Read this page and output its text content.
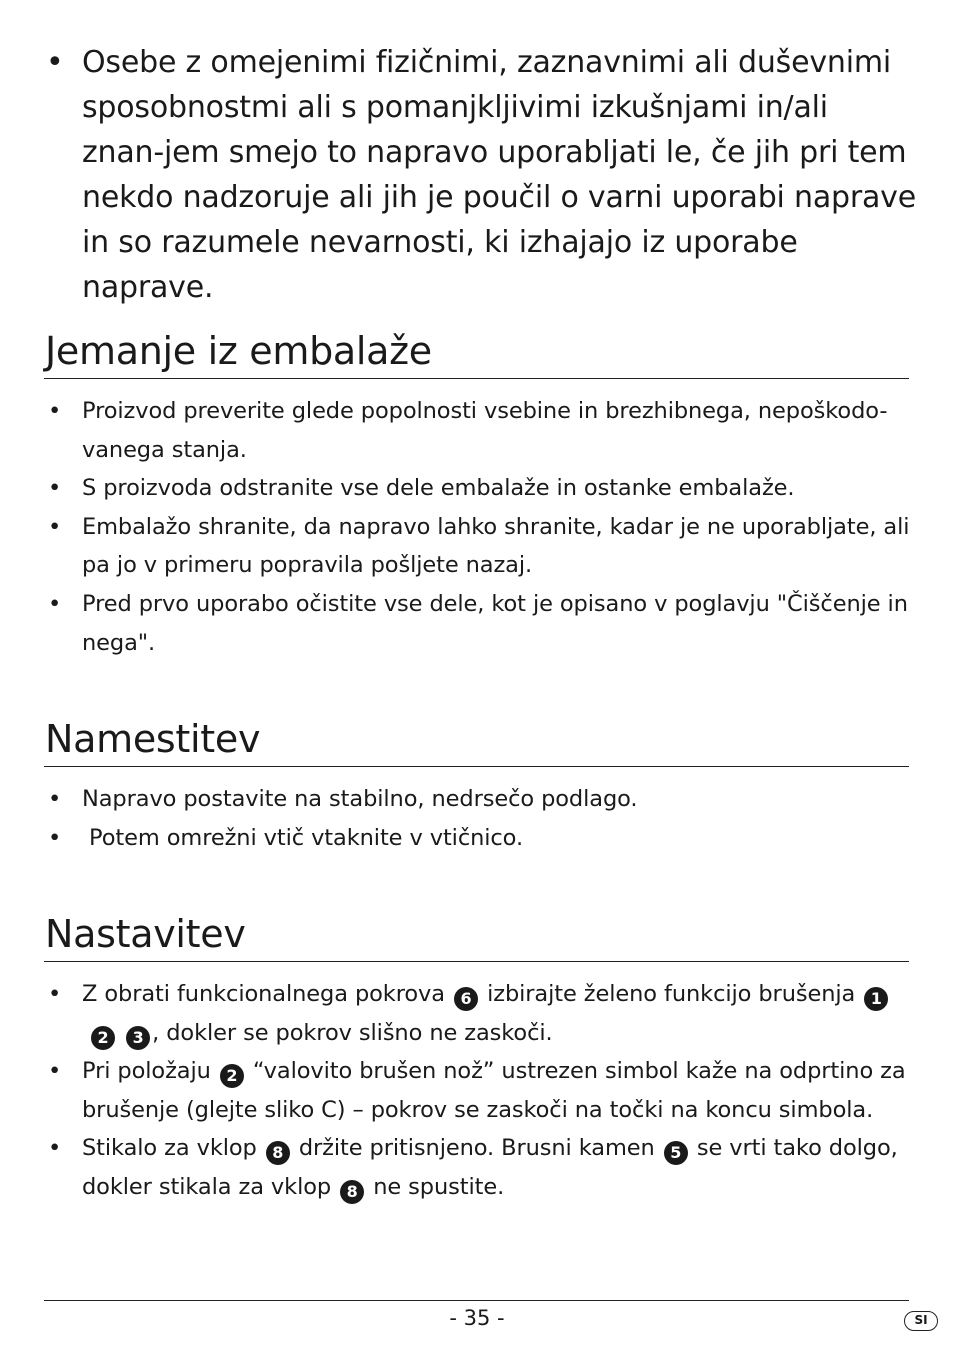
• Osebe z omejenimi fizičnimi, zaznavnimi ali duševnimi sposobnostmi ali s pomanjkljivimi izkušnjami in/ali znan-jem smejo to napravo uporabljati le, če jih pri tem nekdo nadzoruje ali jih je poučil o varni uporabi naprave in so razumele nevarnosti, ki izhajajo iz uporabe naprave.
Jemanje iz embalaže
• Proizvod preverite glede popolnosti vsebine in brezhibnega, nepoškodo-vanega stanja.
• S proizvoda odstranite vse dele embalaže in ostanke embalaže.
• Embalažo shranite, da napravo lahko shranite, kadar je ne uporabljate, ali pa jo v primeru popravila pošljete nazaj.
• Pred prvo uporabo očistite vse dele, kot je opisano v poglavju "Čiščenje in nega".
Namestitev
• Napravo postavite na stabilno, nedrsečo podlago.
• Potem omrežni vtič vtaknite v vtičnico.
Nastavitev
• Z obrati funkcionalnega pokrova 6 izbirajte želeno funkcijo brušenja 1 2 3 , dokler se pokrov slišno ne zaskoči.
• Pri položaju 2 “valovito brušen nož” ustrezen simbol kaže na odprtino za brušenje (glejte sliko C) – pokrov se zaskoči na točki na koncu simbola.
• Stikalo za vklop 8 držite pritisnjeno. Brusni kamen 5 se vrti tako dolgo, dokler stikala za vklop 8 ne spustite.
- 35 -	SI
